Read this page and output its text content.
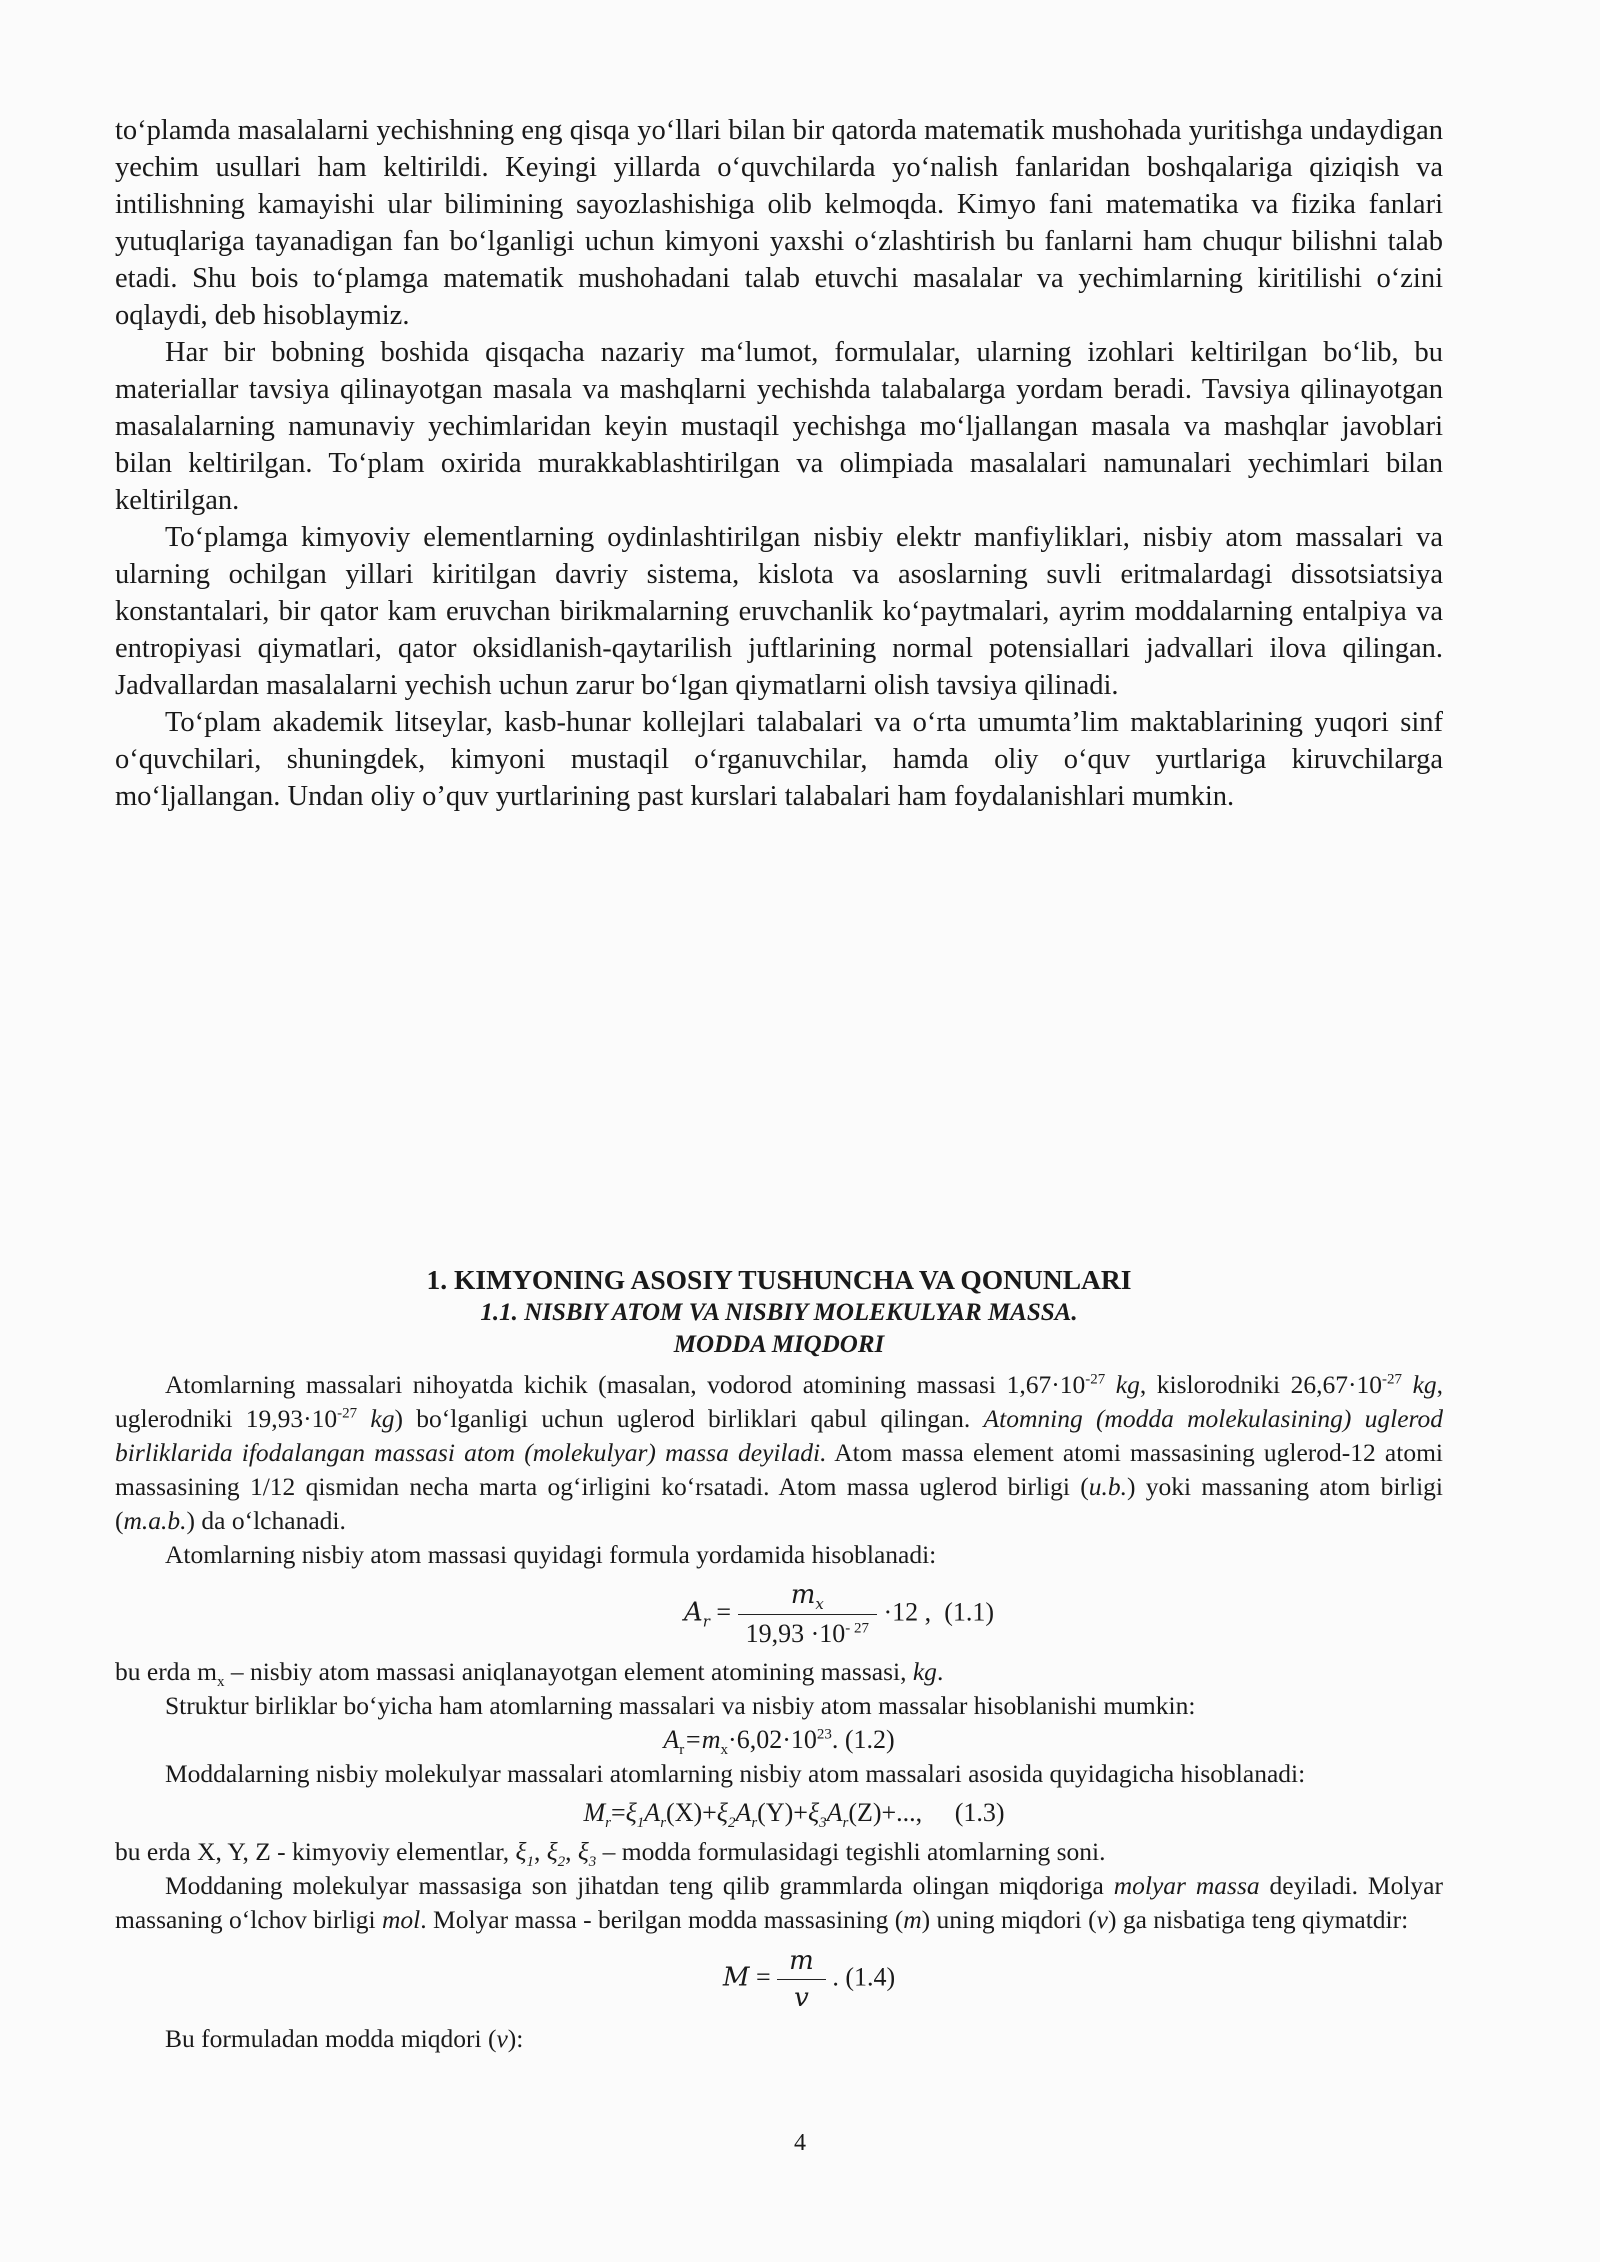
to‘plamda masalalarni yechishning eng qisqa yo‘llari bilan bir qatorda matematik mushohada yuritishga undaydigan yechim usullari ham keltirildi. Keyingi yillarda o‘quvchilarda yo‘nalish fanlaridan boshqalariga qiziqish va intilishning kamayishi ular bilimining sayozlashishiga olib kelmoqda. Kimyo fani matematika va fizika fanlari yutuqlariga tayanadigan fan bo‘lganligi uchun kimyoni yaxshi o‘zlashtirish bu fanlarni ham chuqur bilishni talab etadi. Shu bois to‘plamga matematik mushohadani talab etuvchi masalalar va yechimlarning kiritilishi o‘zini oqlaydi, deb hisoblaymiz.

Har bir bobning boshida qisqacha nazariy ma‘lumot, formulalar, ularning izohlari keltirilgan bo‘lib, bu materiallar tavsiya qilinayotgan masala va mashqlarni yechishda talabalarga yordam beradi. Tavsiya qilinayotgan masalalarning namunaviy yechimlaridan keyin mustaqil yechishga mo‘ljallangan masala va mashqlar javoblari bilan keltirilgan. To‘plam oxirida murakkablashtirilgan va olimpiada masalalari namunalari yechimlari bilan keltirilgan.

To‘plamga kimyoviy elementlarning oydinlashtirilgan nisbiy elektr manfiyliklari, nisbiy atom massalari va ularning ochilgan yillari kiritilgan davriy sistema, kislota va asoslarning suvli eritmalardagi dissotsiatsiya konstantalari, bir qator kam eruvchan birikmalarning eruvchanlik ko‘paytmalari, ayrim moddalarning entalpiya va entropiyasi qiymatlari, qator oksidlanish-qaytarilish juftlarining normal potensiallari jadvallari ilova qilingan. Jadvallardan masalalarni yechish uchun zarur bo‘lgan qiymatlarni olish tavsiya qilinadi.

To‘plam akademik litseylar, kasb-hunar kollejlari talabalari va o‘rta umumta’lim maktablarining yuqori sinf o‘quvchilari, shuningdek, kimyoni mustaqil o‘rganuvchilar, hamda oliy o‘quv yurtlariga kiruvchilarga mo‘ljallangan. Undan oliy o’quv yurtlarining past kurslari talabalari ham foydalanishlari mumkin.

1. KIMYONING ASOSIY TUSHUNCHA VA QONUNLARI
1.1. NISBIY ATOM VA NISBIY MOLEKULYAR MASSA.
MODDA MIQDORI

Atomlarning massalari nihoyatda kichik (masalan, vodorod atomining massasi $1,67\cdot 10^{-27}$ kg, kislorodniki $26,67\cdot 10^{-27}$ kg, uglerodniki $19,93\cdot 10^{-27}$ kg) bo‘lganligi uchun uglerod birliklari qabul qilingan. Atomning (modda molekulasining) uglerod birliklarida ifodalangan massasi atom (molekulyar) massa deyiladi. Atom massa element atomi massasining uglerod-12 atomi massasining 1/12 qismidan necha marta og‘irligini ko‘rsatadi. Atom massa uglerod birligi (u.b.) yoki massaning atom birligi (m.a.b.) da o‘lchanadi.

Atomlarning nisbiy atom massasi quyidagi formula yordamida hisoblanadi:

$A_r = \frac{m_x}{19,93 \cdot 10^{- 27}} \cdot 12$ , (1.1)

bu erda $m_x$ – nisbiy atom massasi aniqlanayotgan element atomining massasi, kg.

Struktur birliklar bo‘yicha ham atomlarning massalari va nisbiy atom massalar hisoblanishi mumkin:

$A_r=m_x\cdot 6,02\cdot 10^{23}$. (1.2)

Moddalarning nisbiy molekulyar massalari atomlarning nisbiy atom massalari asosida quyidagicha hisoblanadi:

$M_r=\xi_1A_r(X)+\xi_2A_r(Y)+\xi_3A_r(Z)+$..., (1.3)

bu erda X, Y, Z - kimyoviy elementlar, $\xi_1$, $\xi_2$, $\xi_3$ – modda formulasidagi tegishli atomlarning soni.

Moddaning molekulyar massasiga son jihatdan teng qilib grammlarda olingan miqdoriga molyar massa deyiladi. Molyar massaning o‘lchov birligi mol. Molyar massa - berilgan modda massasining (m) uning miqdori (v) ga nisbatiga teng qiymatdir:

$M = \frac{m}{v}$ . (1.4)

Bu formuladan modda miqdori (v):

4
